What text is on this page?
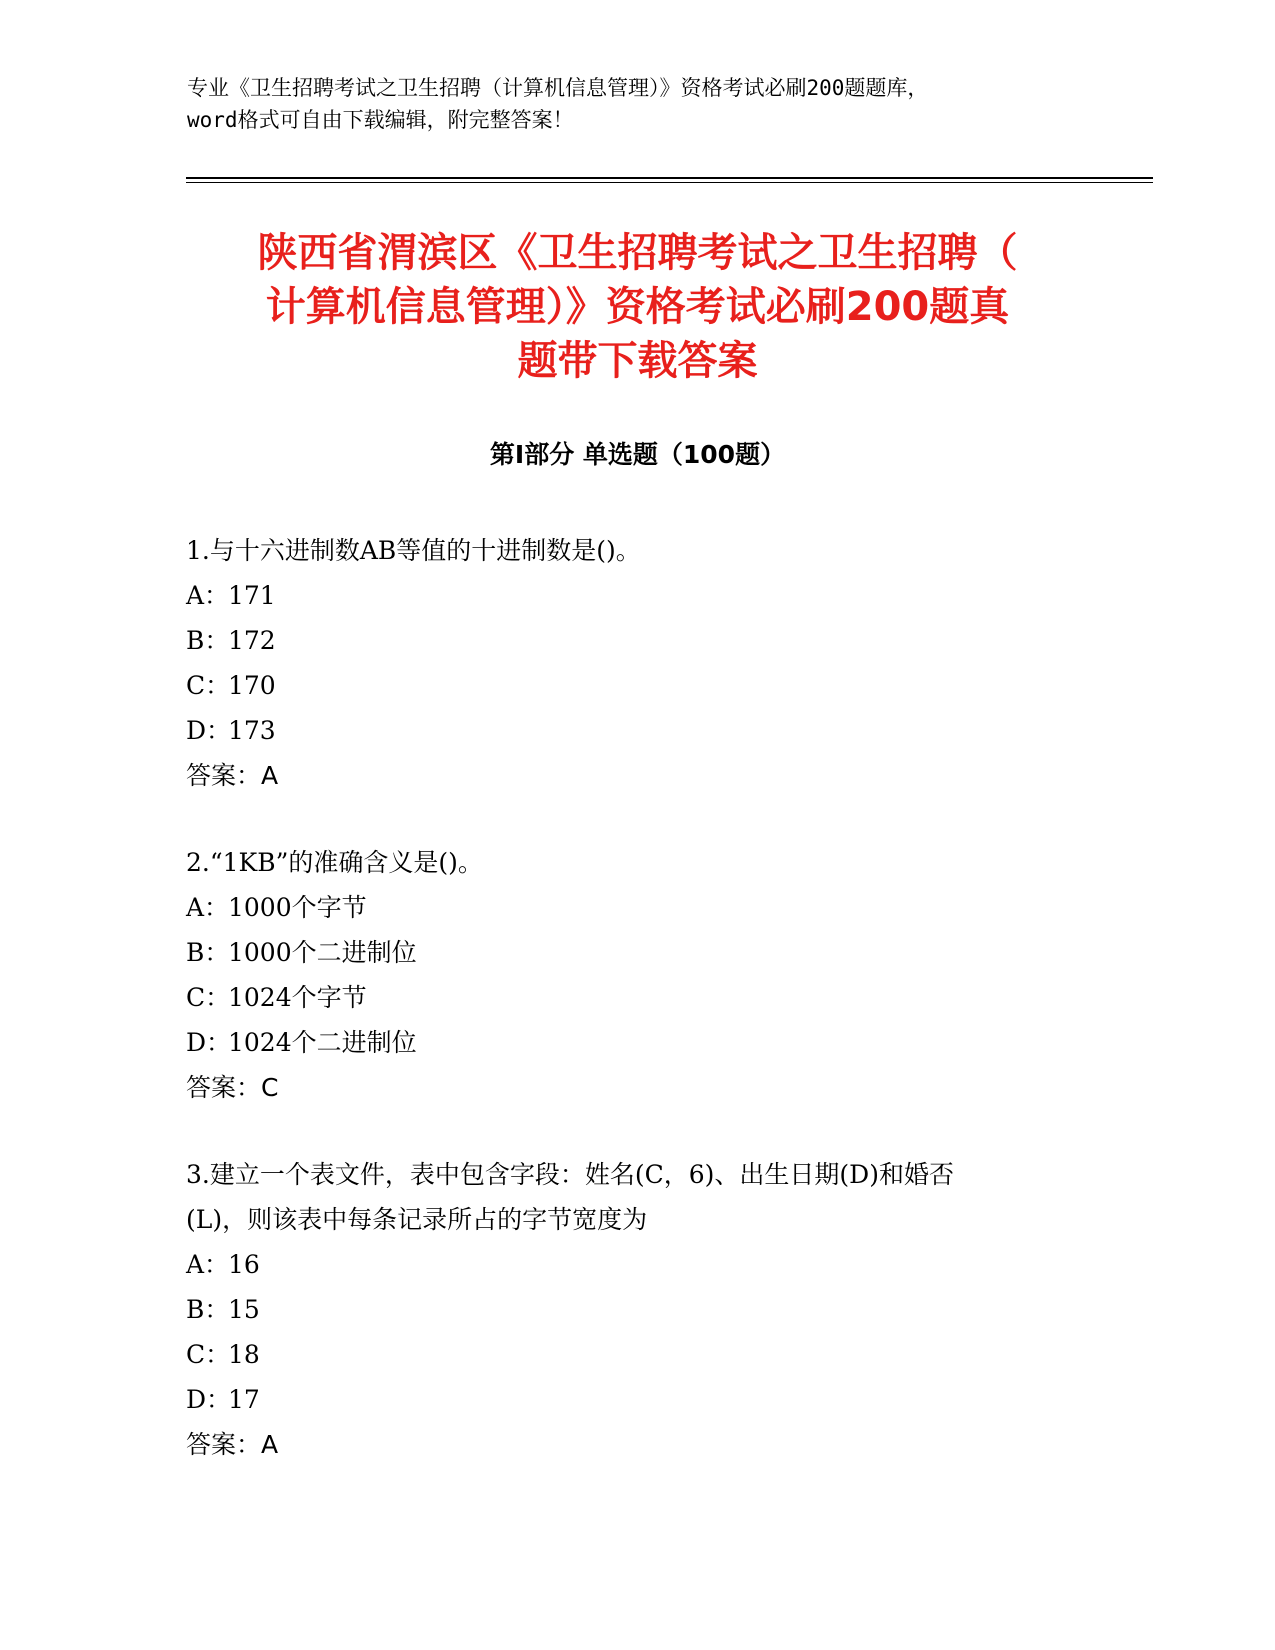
专业《卫生招聘考试之卫生招聘（计算机信息管理）》资格考试必刷200题题库，
word格式可自由下载编辑，附完整答案！
陕西省渭滨区《卫生招聘考试之卫生招聘（
计算机信息管理）》资格考试必刷200题真
题带下载答案
第Ⅰ部分 单选题（100题）
1.与十六进制数AB等值的十进制数是()。
A：171
B：172
C：170
D：173
答案：A
2.“1KB”的准确含义是()。
A：1000个字节
B：1000个二进制位
C：1024个字节
D：1024个二进制位
答案：C
3.建立一个表文件，表中包含字段：姓名(C，6)、出生日期(D)和婚否
(L)，则该表中每条记录所占的字节宽度为
A：16
B：15
C：18
D：17
答案：A
